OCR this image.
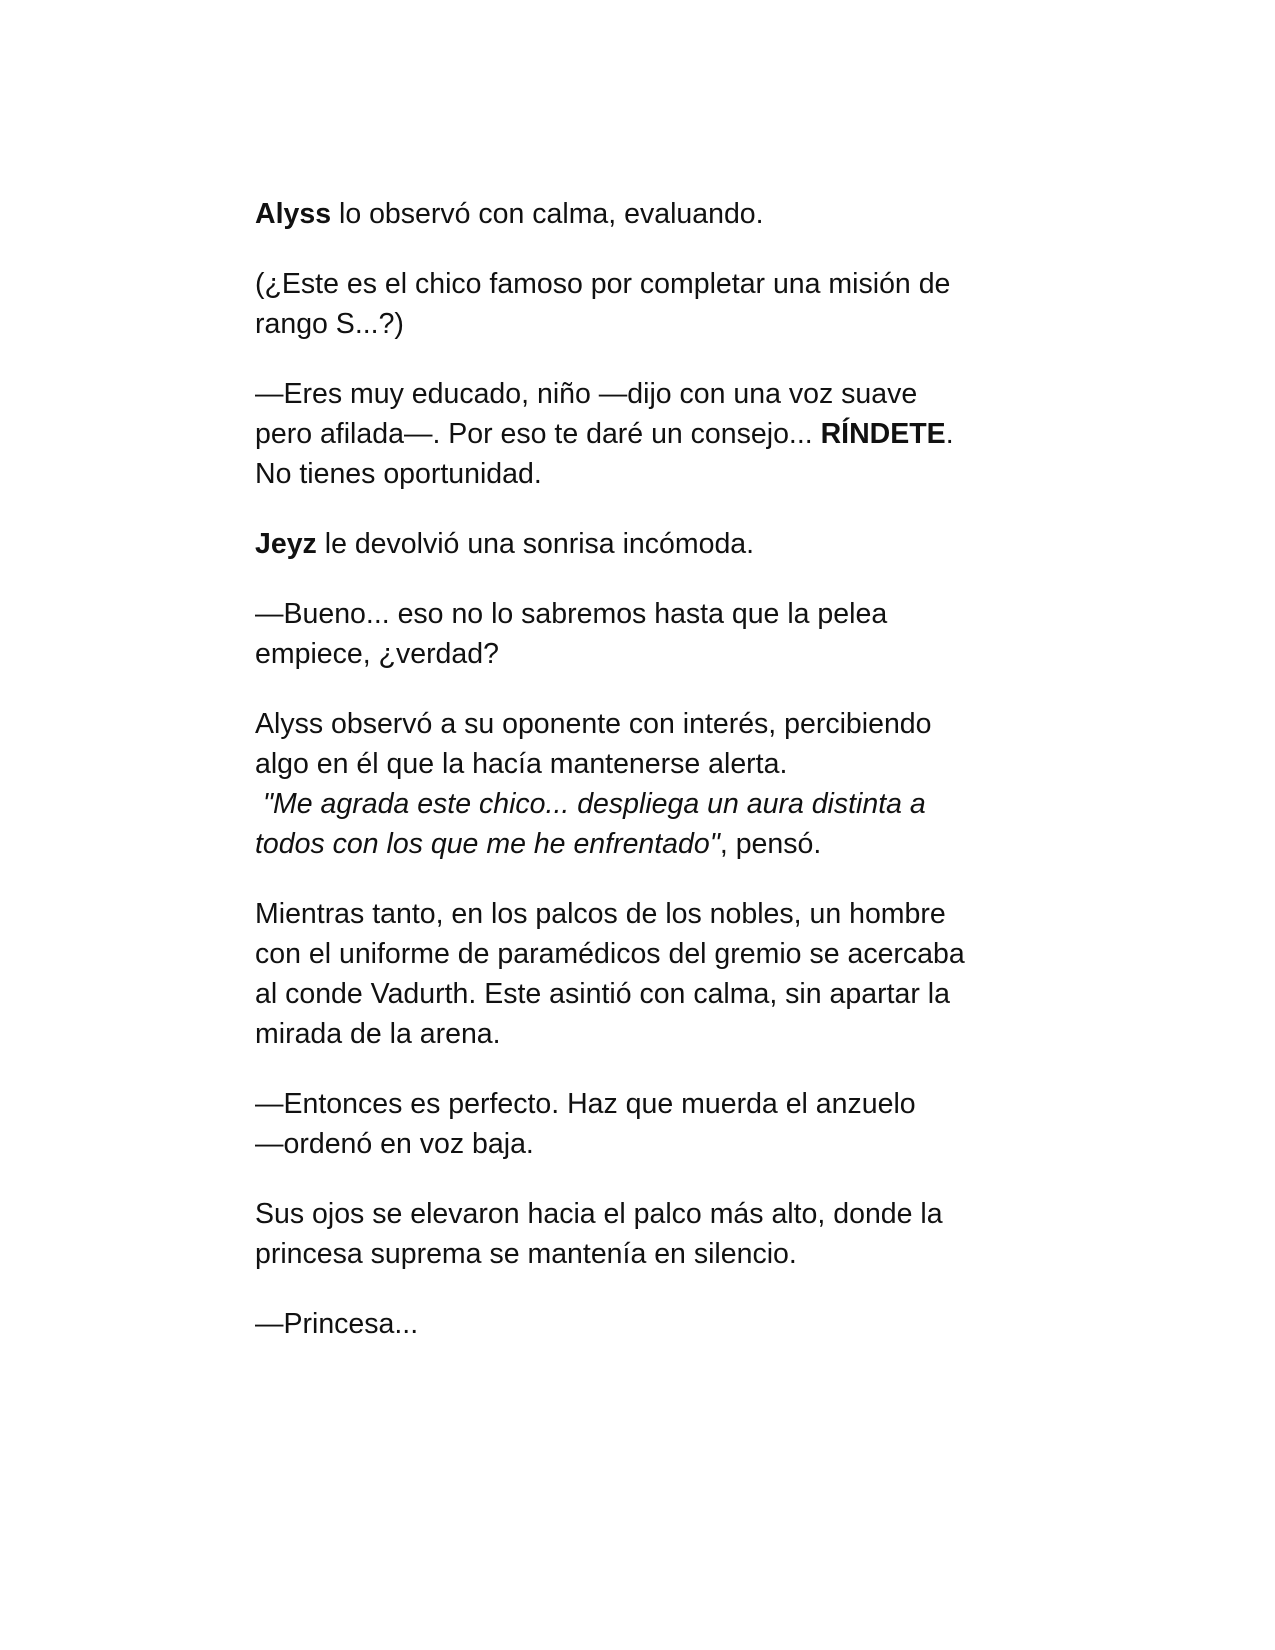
Alyss lo observó con calma, evaluando.

(¿Este es el chico famoso por completar una misión de
rango S...?)

—Eres muy educado, niño —dijo con una voz suave
pero afilada—. Por eso te daré un consejo... RÍNDETE.
No tienes oportunidad.

Jeyz le devolvió una sonrisa incómoda.

—Bueno... eso no lo sabremos hasta que la pelea
empiece, ¿verdad?

Alyss observó a su oponente con interés, percibiendo
algo en él que la hacía mantenerse alerta.
"Me agrada este chico... despliega un aura distinta a
todos con los que me he enfrentado", pensó.

Mientras tanto, en los palcos de los nobles, un hombre
con el uniforme de paramédicos del gremio se acercaba
al conde Vadurth. Este asintió con calma, sin apartar la
mirada de la arena.

—Entonces es perfecto. Haz que muerda el anzuelo
—ordenó en voz baja.

Sus ojos se elevaron hacia el palco más alto, donde la
princesa suprema se mantenía en silencio.

—Princesa...
